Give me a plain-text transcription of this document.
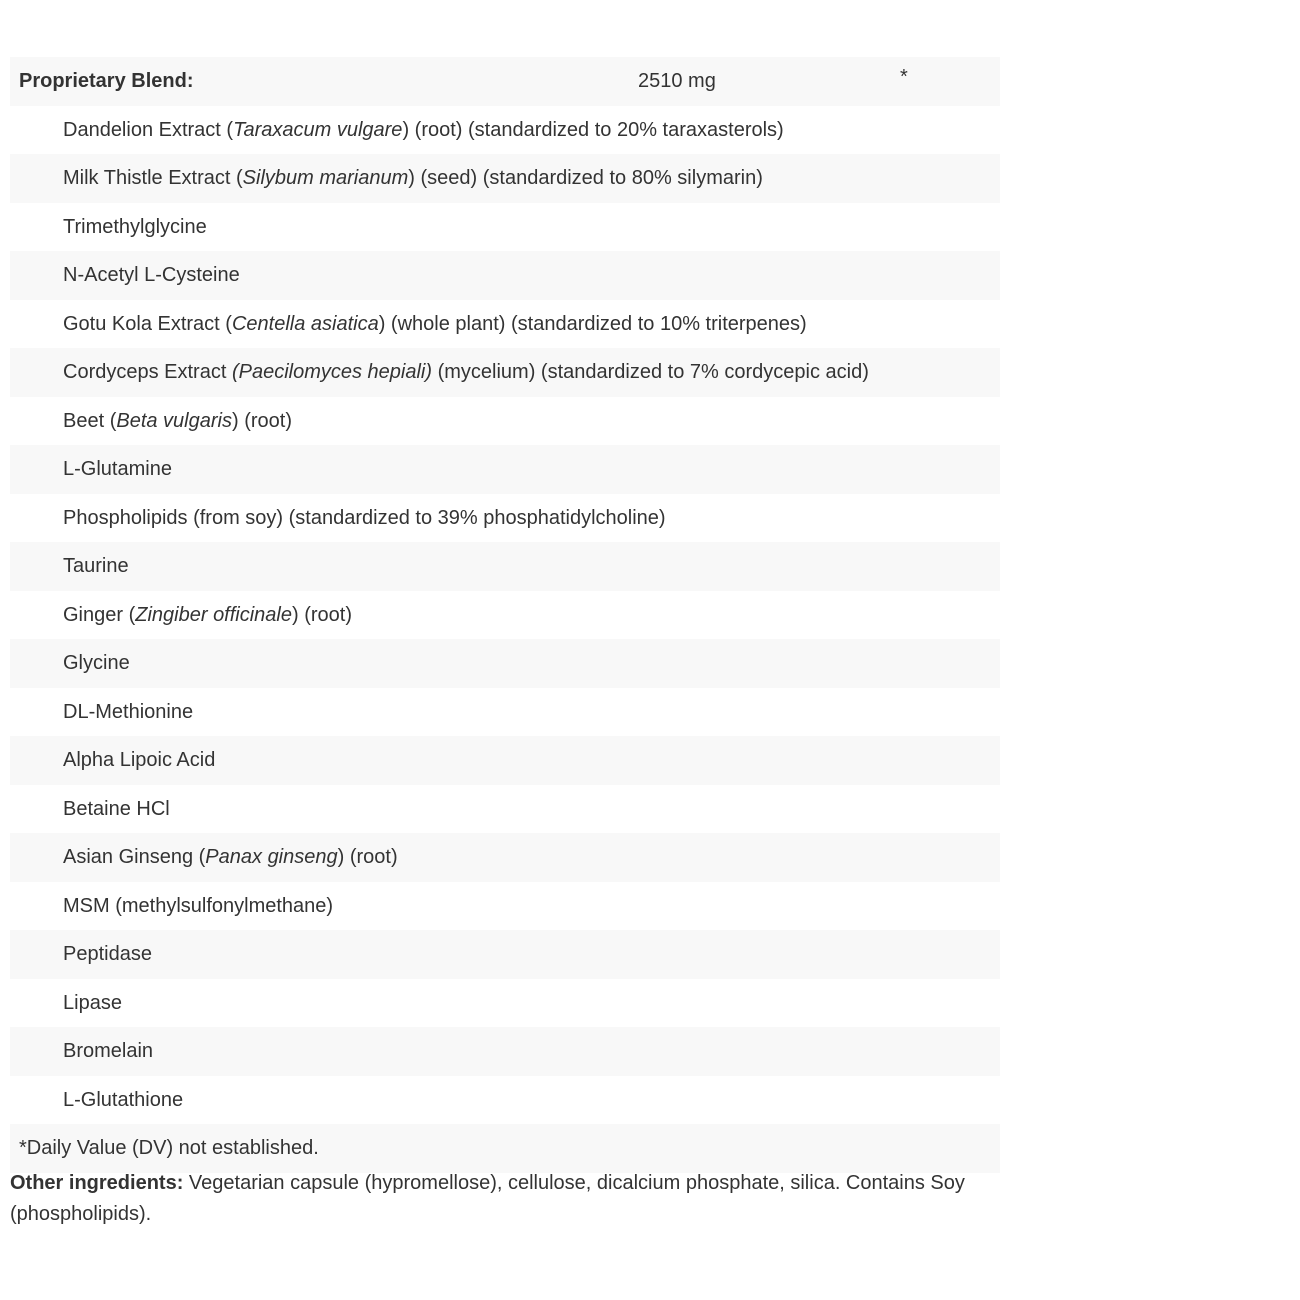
Proprietary Blend:	2510 mg	*
Dandelion Extract (Taraxacum vulgare) (root) (standardized to 20% taraxasterols)
Milk Thistle Extract (Silybum marianum) (seed) (standardized to 80% silymarin)
Trimethylglycine
N-Acetyl L-Cysteine
Gotu Kola Extract (Centella asiatica) (whole plant) (standardized to 10% triterpenes)
Cordyceps Extract (Paecilomyces hepiali) (mycelium) (standardized to 7% cordycepic acid)
Beet (Beta vulgaris) (root)
L-Glutamine
Phospholipids (from soy) (standardized to 39% phosphatidylcholine)
Taurine
Ginger (Zingiber officinale) (root)
Glycine
DL-Methionine
Alpha Lipoic Acid
Betaine HCl
Asian Ginseng (Panax ginseng) (root)
MSM (methylsulfonylmethane)
Peptidase
Lipase
Bromelain
L-Glutathione
*Daily Value (DV) not established.
Other ingredients: Vegetarian capsule (hypromellose), cellulose, dicalcium phosphate, silica. Contains Soy (phospholipids).
